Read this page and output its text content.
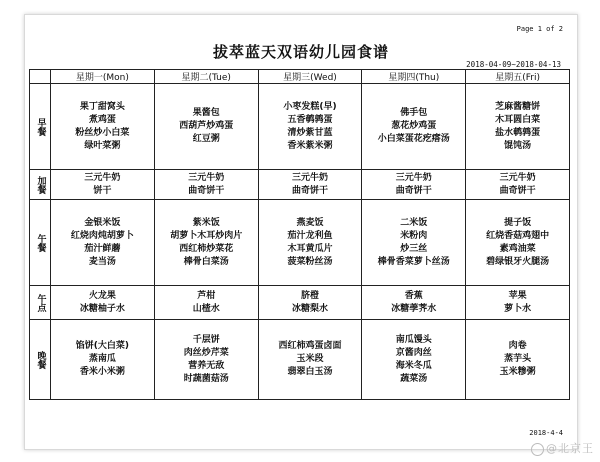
Page 1 of 2
拔萃蓝天双语幼儿园食谱
2018-04-09~2018-04-13
	星期一(Mon)	星期二(Tue)	星期三(Wed)	星期四(Thu)	星期五(Fri)
早餐	果丁甜窝头
煮鸡蛋
粉丝炒小白菜
绿叶菜粥	果酱包
西葫芦炒鸡蛋
红豆粥	小枣发糕(早)
五香鹌鹑蛋
清炒紫甘蓝
香米紫米粥	佛手包
葱花炒鸡蛋
小白菜蛋花疙瘩汤	芝麻酱糖饼
木耳圆白菜
盐水鹌鹑蛋
馄饨汤

加餐	三元牛奶
饼干	三元牛奶
曲奇饼干	三元牛奶
曲奇饼干	三元牛奶
曲奇饼干	三元牛奶
曲奇饼干

午餐	金银米饭
红烧肉炖胡萝卜
茄汁鲜蘑
麦当汤	紫米饭
胡萝卜木耳炒肉片
西红柿炒菜花
棒骨白菜汤	燕麦饭
茄汁龙利鱼
木耳黄瓜片
菠菜粉丝汤	二米饭
米粉肉
炒三丝
棒骨香菜萝卜丝汤	提子饭
红烧香菇鸡翅中
素鸡油菜
碧绿银牙火腿汤

午点	火龙果
冰糖柚子水	芦柑
山楂水	脐橙
冰糖梨水	香蕉
冰糖荸荠水	苹果
萝卜水

晚餐	馅饼(大白菜)
蒸南瓜
香米小米粥	千层饼
肉丝炒芹菜
营养无敌
时蔬菌菇汤	西红柿鸡蛋卤面
玉米段
翡翠白玉汤	南瓜馒头
京酱肉丝
海米冬瓜
蔬菜汤	肉卷
蒸芋头
玉米糁粥
2018-4-4
@北京王
